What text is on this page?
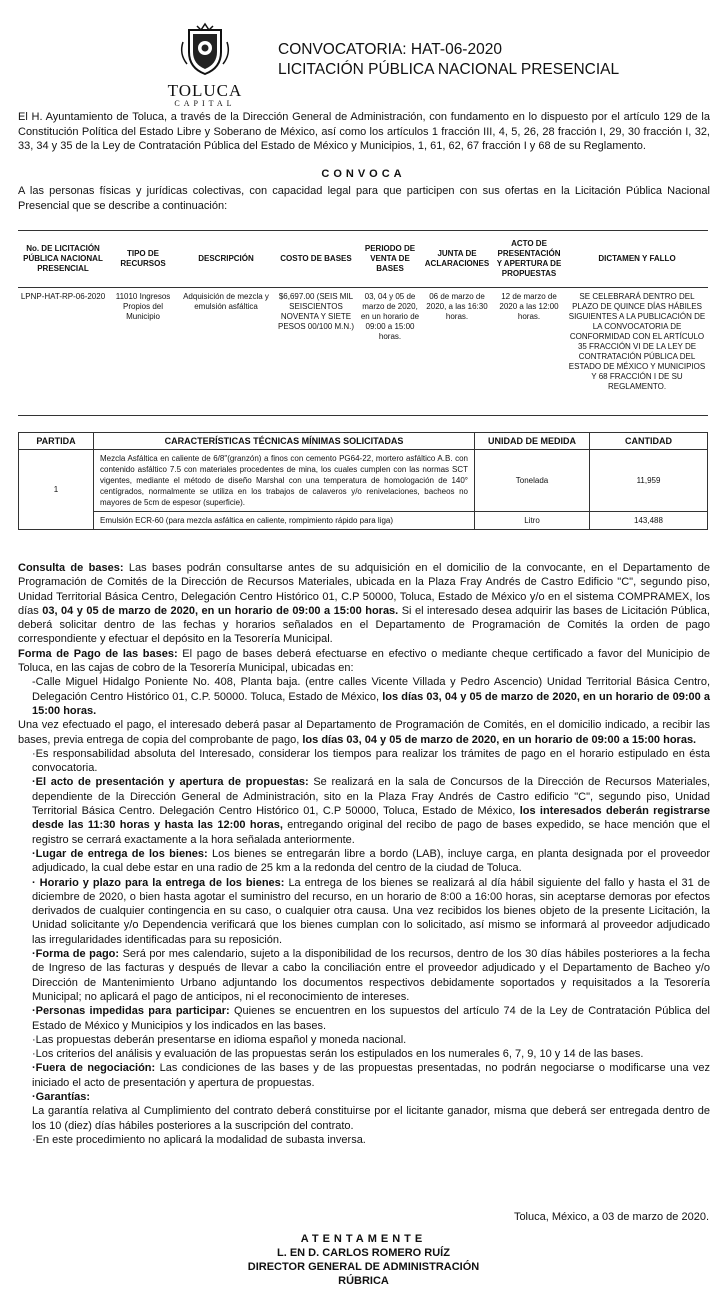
TOLUCA
CAPITAL
CONVOCATORIA: HAT-06-2020
LICITACIÓN PÚBLICA NACIONAL PRESENCIAL
El H. Ayuntamiento de Toluca, a través de la Dirección General de Administración, con fundamento en lo dispuesto por el artículo 129 de la Constitución Política del Estado Libre y Soberano de México, así como los artículos 1 fracción III, 4, 5, 26, 28 fracción I, 29, 30 fracción I, 32, 33, 34 y 35 de la Ley de Contratación Pública del Estado de México y Municipios, 1, 61, 62, 67 fracción I y 68 de su Reglamento.
CONVOCA
A las personas físicas y jurídicas colectivas, con capacidad legal para que participen con sus ofertas en la Licitación Pública Nacional Presencial que se describe a continuación:
No. DE LICITACIÓN PÚBLICA NACIONAL PRESENCIAL	TIPO DE RECURSOS	DESCRIPCIÓN	COSTO DE BASES	PERIODO DE VENTA DE BASES	JUNTA DE ACLARACIONES	ACTO DE PRESENTACIÓN Y APERTURA DE PROPUESTAS	DICTAMEN Y FALLO
LPNP-HAT-RP-06-2020	11010 Ingresos Propios del Municipio	Adquisición de mezcla y emulsión asfáltica	$6,697.00 (SEIS MIL SEISCIENTOS NOVENTA Y SIETE PESOS 00/100 M.N.)	03, 04 y 05 de marzo de 2020, en un horario de 09:00 a 15:00 horas.	06 de marzo de 2020, a las 16:30 horas.	12 de marzo de 2020 a las 12:00 horas.	SE CELEBRARÁ DENTRO DEL PLAZO DE QUINCE DÍAS HÁBILES SIGUIENTES A LA PUBLICACIÓN DE LA CONVOCATORIA DE CONFORMIDAD CON EL ARTÍCULO 35 FRACCIÓN VI DE LA LEY DE CONTRATACIÓN PÚBLICA DEL ESTADO DE MÉXICO Y MUNICIPIOS Y 68 FRACCIÓN I DE SU REGLAMENTO.
PARTIDA	CARACTERÍSTICAS TÉCNICAS MÍNIMAS SOLICITADAS	UNIDAD DE MEDIDA	CANTIDAD
1	Mezcla Asfáltica en caliente de 6/8"(granzón) a finos con cemento PG64-22, mortero asfáltico A.B. con contenido asfáltico 7.5 con materiales procedentes de mina, los cuales cumplen con las normas SCT vigentes, mediante el método de diseño Marshal con una temperatura de homologación de 140° centígrados, normalmente se utiliza en los trabajos de calaveros y/o renivelaciones, bacheos no mayores de 5cm de espesor (superficie).	Tonelada	11,959
	Emulsión ECR-60 (para mezcla asfáltica en caliente, rompimiento rápido para liga)	Litro	143,488

Consulta de bases: Las bases podrán consultarse antes de su adquisición en el domicilio de la convocante, en el Departamento de Programación de Comités de la Dirección de Recursos Materiales, ubicada en la Plaza Fray Andrés de Castro Edificio "C", segundo piso, Unidad Territorial Básica Centro, Delegación Centro Histórico 01, C.P 50000, Toluca, Estado de México y/o en el sistema COMPRAMEX, los días 03, 04 y 05 de marzo de 2020, en un horario de 09:00 a 15:00 horas. Si el interesado desea adquirir las bases de Licitación Pública, deberá solicitar dentro de las fechas y horarios señalados en el Departamento de Programación de Comités la orden de pago correspondiente y efectuar el depósito en la Tesorería Municipal.

Forma de Pago de las bases: El pago de bases deberá efectuarse en efectivo o mediante cheque certificado a favor del Municipio de Toluca, en las cajas de cobro de la Tesorería Municipal, ubicadas en:

-Calle Miguel Hidalgo Poniente No. 408, Planta baja. (entre calles Vicente Villada y Pedro Ascencio) Unidad Territorial Básica Centro, Delegación Centro Histórico 01, C.P. 50000. Toluca, Estado de México, los días 03, 04 y 05 de marzo de 2020, en un horario de 09:00 a 15:00 horas.

Una vez efectuado el pago, el interesado deberá pasar al Departamento de Programación de Comités, en el domicilio indicado, a recibir las bases, previa entrega de copia del comprobante de pago, los días 03, 04 y 05 de marzo de 2020, en un horario de 09:00 a 15:00 horas.

·Es responsabilidad absoluta del Interesado, considerar los tiempos para realizar los trámites de pago en el horario estipulado en ésta convocatoria.

·El acto de presentación y apertura de propuestas: Se realizará en la sala de Concursos de la Dirección de Recursos Materiales, dependiente de la Dirección General de Administración, sito en la Plaza Fray Andrés de Castro edificio "C", segundo piso, Unidad Territorial Básica Centro. Delegación Centro Histórico 01, C.P 50000, Toluca, Estado de México, los interesados deberán registrarse desde las 11:30 horas y hasta las 12:00 horas, entregando original del recibo de pago de bases expedido, se hace mención que el registro se cerrará exactamente a la hora señalada anteriormente.

·Lugar de entrega de los bienes: Los bienes se entregarán libre a bordo (LAB), incluye carga, en planta designada por el proveedor adjudicado, la cual debe estar en una radio de 25 km a la redonda del centro de la ciudad de Toluca.

· Horario y plazo para la entrega de los bienes: La entrega de los bienes se realizará al día hábil siguiente del fallo y hasta el 31 de diciembre de 2020, o bien hasta agotar el suministro del recurso, en un horario de 8:00 a 16:00 horas, sin aceptarse demoras por efectos derivados de cualquier contingencia en su caso, o cualquier otra causa. Una vez recibidos los bienes objeto de la presente Licitación, la Unidad solicitante y/o Dependencia verificará que los bienes cumplan con lo solicitado, así mismo se informará al proveedor adjudicado las irregularidades identificadas para su reposición.

·Forma de pago: Será por mes calendario, sujeto a la disponibilidad de los recursos, dentro de los 30 días hábiles posteriores a la fecha de Ingreso de las facturas y después de llevar a cabo la conciliación entre el proveedor adjudicado y el Departamento de Bacheo y/o Dirección de Mantenimiento Urbano adjuntando los documentos respectivos debidamente soportados y requisitados a la Tesorería Municipal; no aplicará el pago de anticipos, ni el reconocimiento de intereses.

·Personas impedidas para participar: Quienes se encuentren en los supuestos del artículo 74 de la Ley de Contratación Pública del Estado de México y Municipios y los indicados en las bases.

·Las propuestas deberán presentarse en idioma español y moneda nacional.

·Los criterios del análisis y evaluación de las propuestas serán los estipulados en los numerales 6, 7, 9, 10 y 14 de las bases.

·Fuera de negociación: Las condiciones de las bases y de las propuestas presentadas, no podrán negociarse o modificarse una vez iniciado el acto de presentación y apertura de propuestas.

·Garantías:

La garantía relativa al Cumplimiento del contrato deberá constituirse por el licitante ganador, misma que deberá ser entregada dentro de los 10 (diez) días hábiles posteriores a la suscripción del contrato.

·En este procedimiento no aplicará la modalidad de subasta inversa.

Toluca, México, a 03 de marzo de 2020.
ATENTAMENTE
L. EN D. CARLOS ROMERO RUÍZ
DIRECTOR GENERAL DE ADMINISTRACIÓN
RÚBRICA
